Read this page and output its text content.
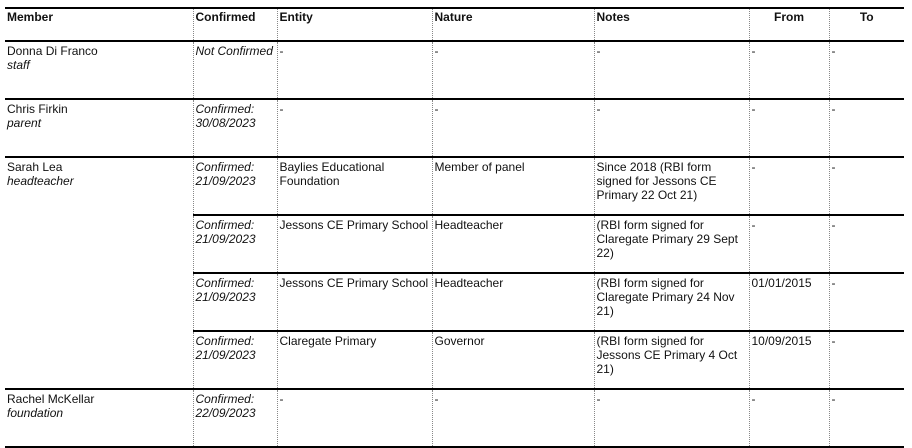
Member	Confirmed	Entity	Nature	Notes	From	To

Donna Di Franco
staff	Not Confirmed	-	-	-	-	-

Chris Firkin
parent	Confirmed: 30/08/2023	-	-	-	-	-

Sarah Lea
headteacher	Confirmed: 21/09/2023	Baylies Educational Foundation	Member of panel	Since 2018 (RBI form signed for Jessons CE Primary 22 Oct 21)	-	-
	Confirmed: 21/09/2023	Jessons CE Primary School	Headteacher	(RBI form signed for Claregate Primary 29 Sept 22)	-	-
	Confirmed: 21/09/2023	Jessons CE Primary School	Headteacher	(RBI form signed for Claregate Primary 24 Nov 21)	01/01/2015	-
	Confirmed: 21/09/2023	Claregate Primary	Governor	(RBI form signed for Jessons CE Primary 4 Oct 21)	10/09/2015	-

Rachel McKellar
foundation	Confirmed: 22/09/2023	-	-	-	-	-
